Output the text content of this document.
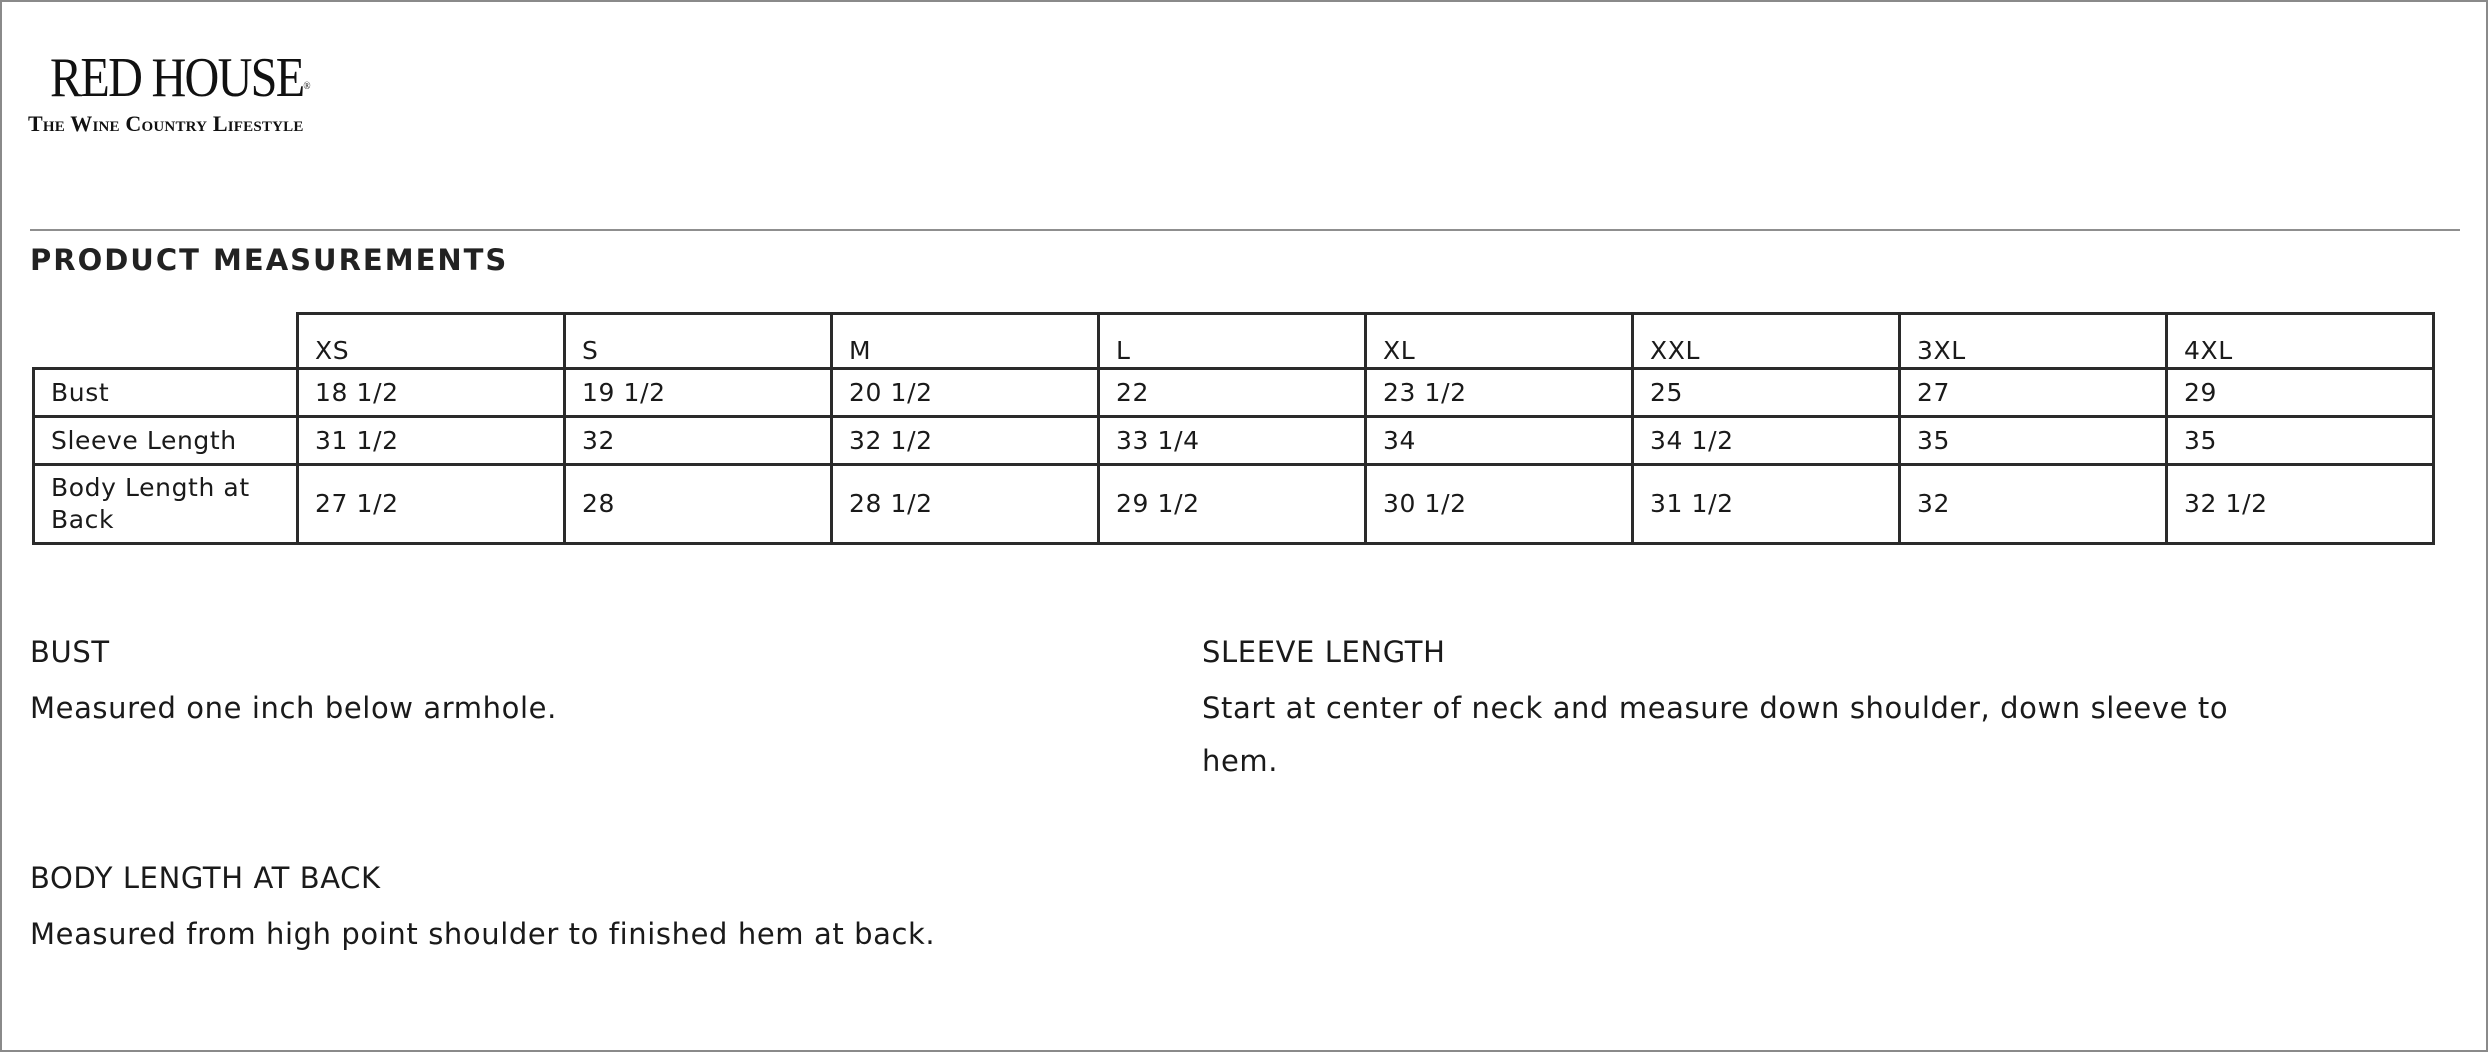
RED HOUSE®
The Wine Country Lifestyle
PRODUCT MEASUREMENTS
	XS	S	M	L	XL	XXL	3XL	4XL
Bust	18 1/2	19 1/2	20 1/2	22	23 1/2	25	27	29
Sleeve Length	31 1/2	32	32 1/2	33 1/4	34	34 1/2	35	35
Body Length at Back	27 1/2	28	28 1/2	29 1/2	30 1/2	31 1/2	32	32 1/2
BUST
Measured one inch below armhole.
SLEEVE LENGTH
Start at center of neck and measure down shoulder, down sleeve to hem.
BODY LENGTH AT BACK
Measured from high point shoulder to finished hem at back.
